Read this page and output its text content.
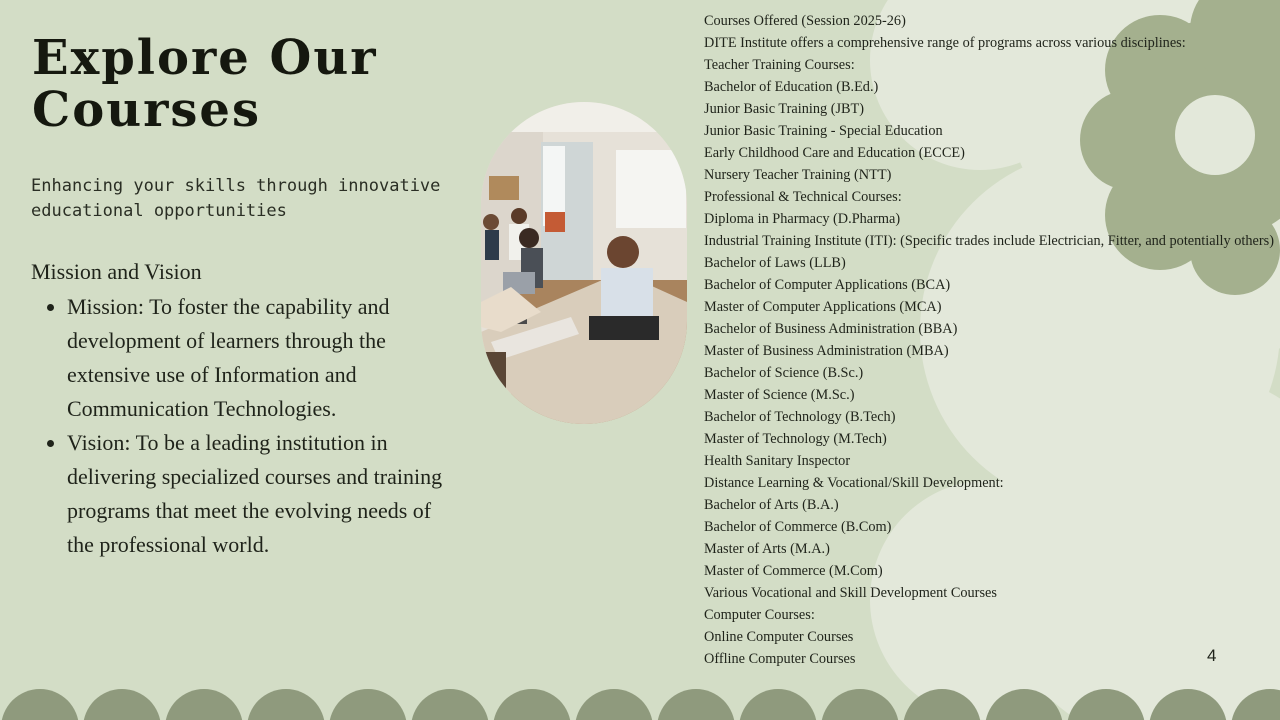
Explore Our
Courses
Enhancing your skills through innovative educational opportunities
Mission and Vision
• Mission: To foster the capability and development of learners through the extensive use of Information and Communication Technologies.
• Vision: To be a leading institution in delivering specialized courses and training programs that meet the evolving needs of the professional world.
Courses Offered (Session 2025-26)
DITE Institute offers a comprehensive range of programs across various disciplines:
Teacher Training Courses:
Bachelor of Education (B.Ed.)
Junior Basic Training (JBT)
Junior Basic Training - Special Education
Early Childhood Care and Education (ECCE)
Nursery Teacher Training (NTT)
Professional & Technical Courses:
Diploma in Pharmacy (D.Pharma)
Industrial Training Institute (ITI): (Specific trades include Electrician, Fitter, and potentially others)
Bachelor of Laws (LLB)
Bachelor of Computer Applications (BCA)
Master of Computer Applications (MCA)
Bachelor of Business Administration (BBA)
Master of Business Administration (MBA)
Bachelor of Science (B.Sc.)
Master of Science (M.Sc.)
Bachelor of Technology (B.Tech)
Master of Technology (M.Tech)
Health Sanitary Inspector
Distance Learning & Vocational/Skill Development:
Bachelor of Arts (B.A.)
Bachelor of Commerce (B.Com)
Master of Arts (M.A.)
Master of Commerce (M.Com)
Various Vocational and Skill Development Courses
Computer Courses:
Online Computer Courses
Offline Computer Courses	4
